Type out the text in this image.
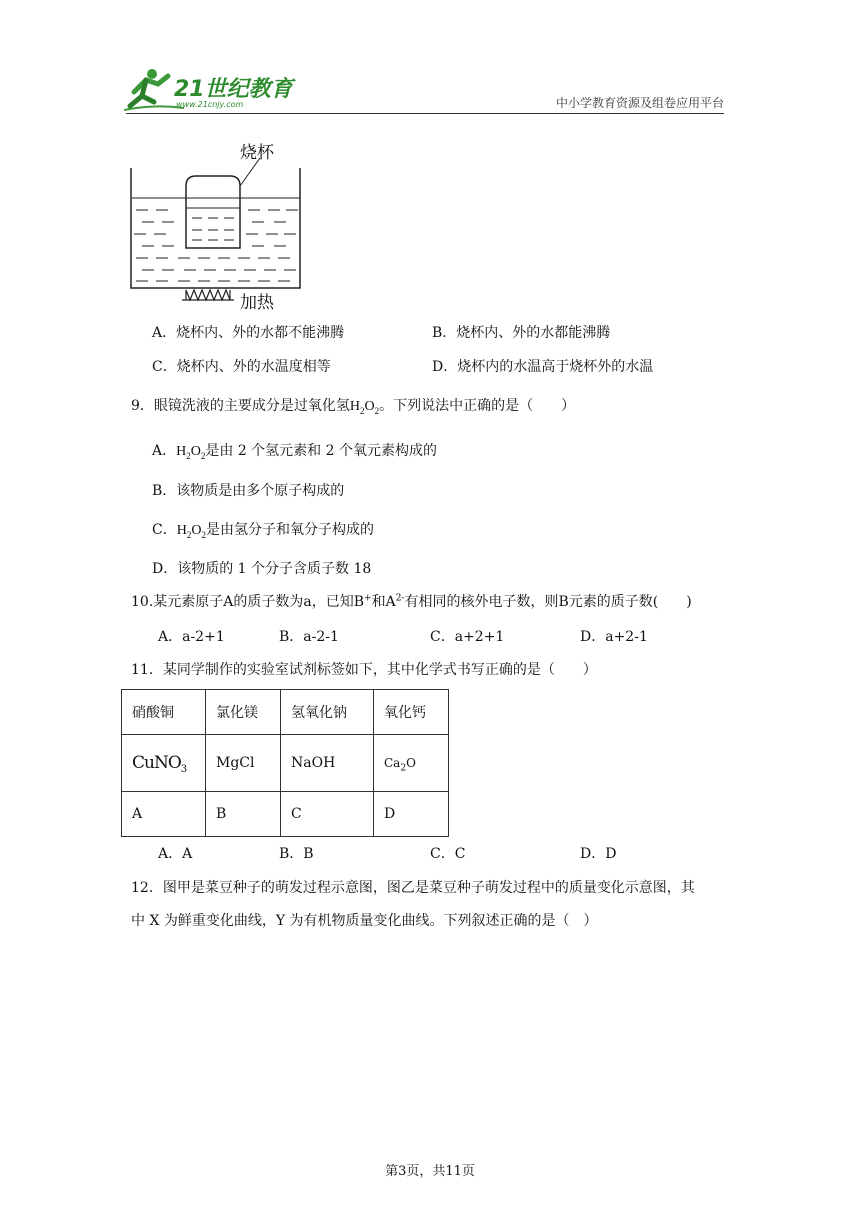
21世纪教育
www.21cnjy.com	中小学教育资源及组卷应用平台
烧杯
加热
A．烧杯内、外的水都不能沸腾	B．烧杯内、外的水都能沸腾
C．烧杯内、外的水温度相等	D．烧杯内的水温高于烧杯外的水温
9．眼镜洗液的主要成分是过氧化氢$H_2O_2$。下列说法中正确的是（　　）
A．$H_2O_2$是由 2 个氢元素和 2 个氧元素构成的
B．该物质是由多个原子构成的
C．$H_2O_2$是由氢分子和氧分子构成的
D．该物质的 1 个分子含质子数 18
10.某元素原子A的质子数为a，已知B+和$A^{2-}$有相同的核外电子数，则B元素的质子数(　　)
A．a-2+1	B．a-2-1	C．a+2+1	D．a+2-1
11．某同学制作的实验室试剂标签如下，其中化学式书写正确的是（　　）
硝酸铜	氯化镁	氢氧化钠	氧化钙
CuNO$_3$	MgCl	NaOH	$Ca_2O$
A	B	C	D
A．A	B．B	C．C	D．D
12．图甲是菜豆种子的萌发过程示意图，图乙是菜豆种子萌发过程中的质量变化示意图，其
中 X 为鲜重变化曲线，Y 为有机物质量变化曲线。下列叙述正确的是（　）
第3页，共11页
